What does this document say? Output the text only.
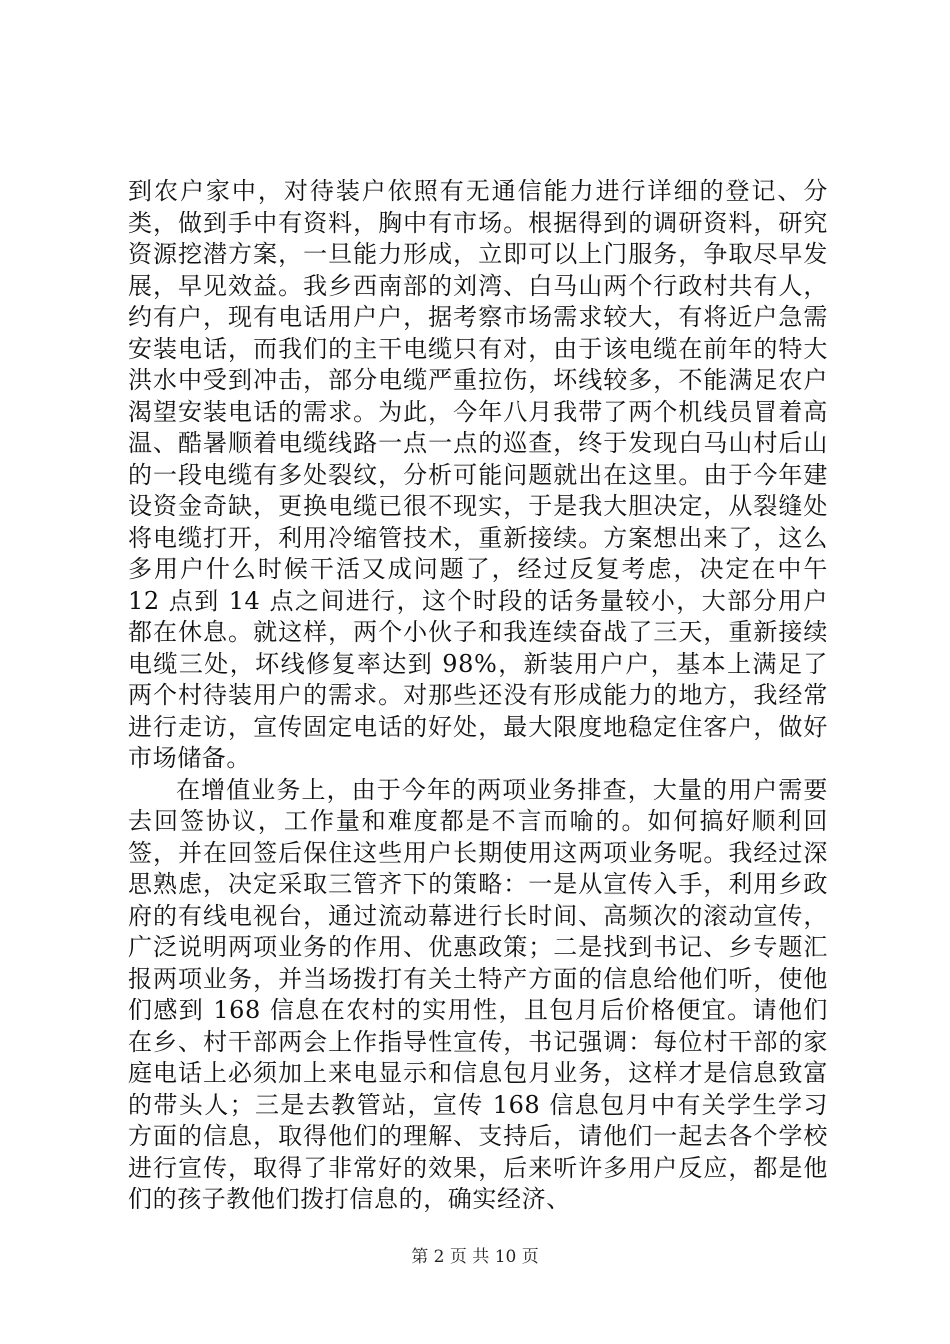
到农户家中，对待装户依照有无通信能力进行详细的登记、分类，做到手中有资料，胸中有市场。根据得到的调研资料，研究资源挖潜方案，一旦能力形成，立即可以上门服务，争取尽早发展，早见效益。我乡西南部的刘湾、白马山两个行政村共有人，约有户，现有电话用户户，据考察市场需求较大，有将近户急需安装电话，而我们的主干电缆只有对，由于该电缆在前年的特大洪水中受到冲击，部分电缆严重拉伤，坏线较多，不能满足农户渴望安装电话的需求。为此，今年八月我带了两个机线员冒着高温、酷暑顺着电缆线路一点一点的巡查，终于发现白马山村后山的一段电缆有多处裂纹，分析可能问题就出在这里。由于今年建设资金奇缺，更换电缆已很不现实，于是我大胆决定，从裂缝处将电缆打开，利用冷缩管技术，重新接续。方案想出来了，这么多用户什么时候干活又成问题了，经过反复考虑，决定在中午 12 点到 14 点之间进行，这个时段的话务量较小，大部分用户都在休息。就这样，两个小伙子和我连续奋战了三天，重新接续电缆三处，坏线修复率达到 98%，新装用户户，基本上满足了两个村待装用户的需求。对那些还没有形成能力的地方，我经常进行走访，宣传固定电话的好处，最大限度地稳定住客户，做好市场储备。

在增值业务上，由于今年的两项业务排查，大量的用户需要去回签协议，工作量和难度都是不言而喻的。如何搞好顺利回签，并在回签后保住这些用户长期使用这两项业务呢。我经过深思熟虑，决定采取三管齐下的策略：一是从宣传入手，利用乡政府的有线电视台，通过流动幕进行长时间、高频次的滚动宣传，广泛说明两项业务的作用、优惠政策；二是找到书记、乡专题汇报两项业务，并当场拨打有关土特产方面的信息给他们听，使他们感到 168 信息在农村的实用性，且包月后价格便宜。请他们在乡、村干部两会上作指导性宣传，书记强调：每位村干部的家庭电话上必须加上来电显示和信息包月业务，这样才是信息致富的带头人；三是去教管站，宣传 168 信息包月中有关学生学习方面的信息，取得他们的理解、支持后，请他们一起去各个学校进行宣传，取得了非常好的效果，后来听许多用户反应，都是他们的孩子教他们拨打信息的，确实经济、

第 2 页 共 10 页
